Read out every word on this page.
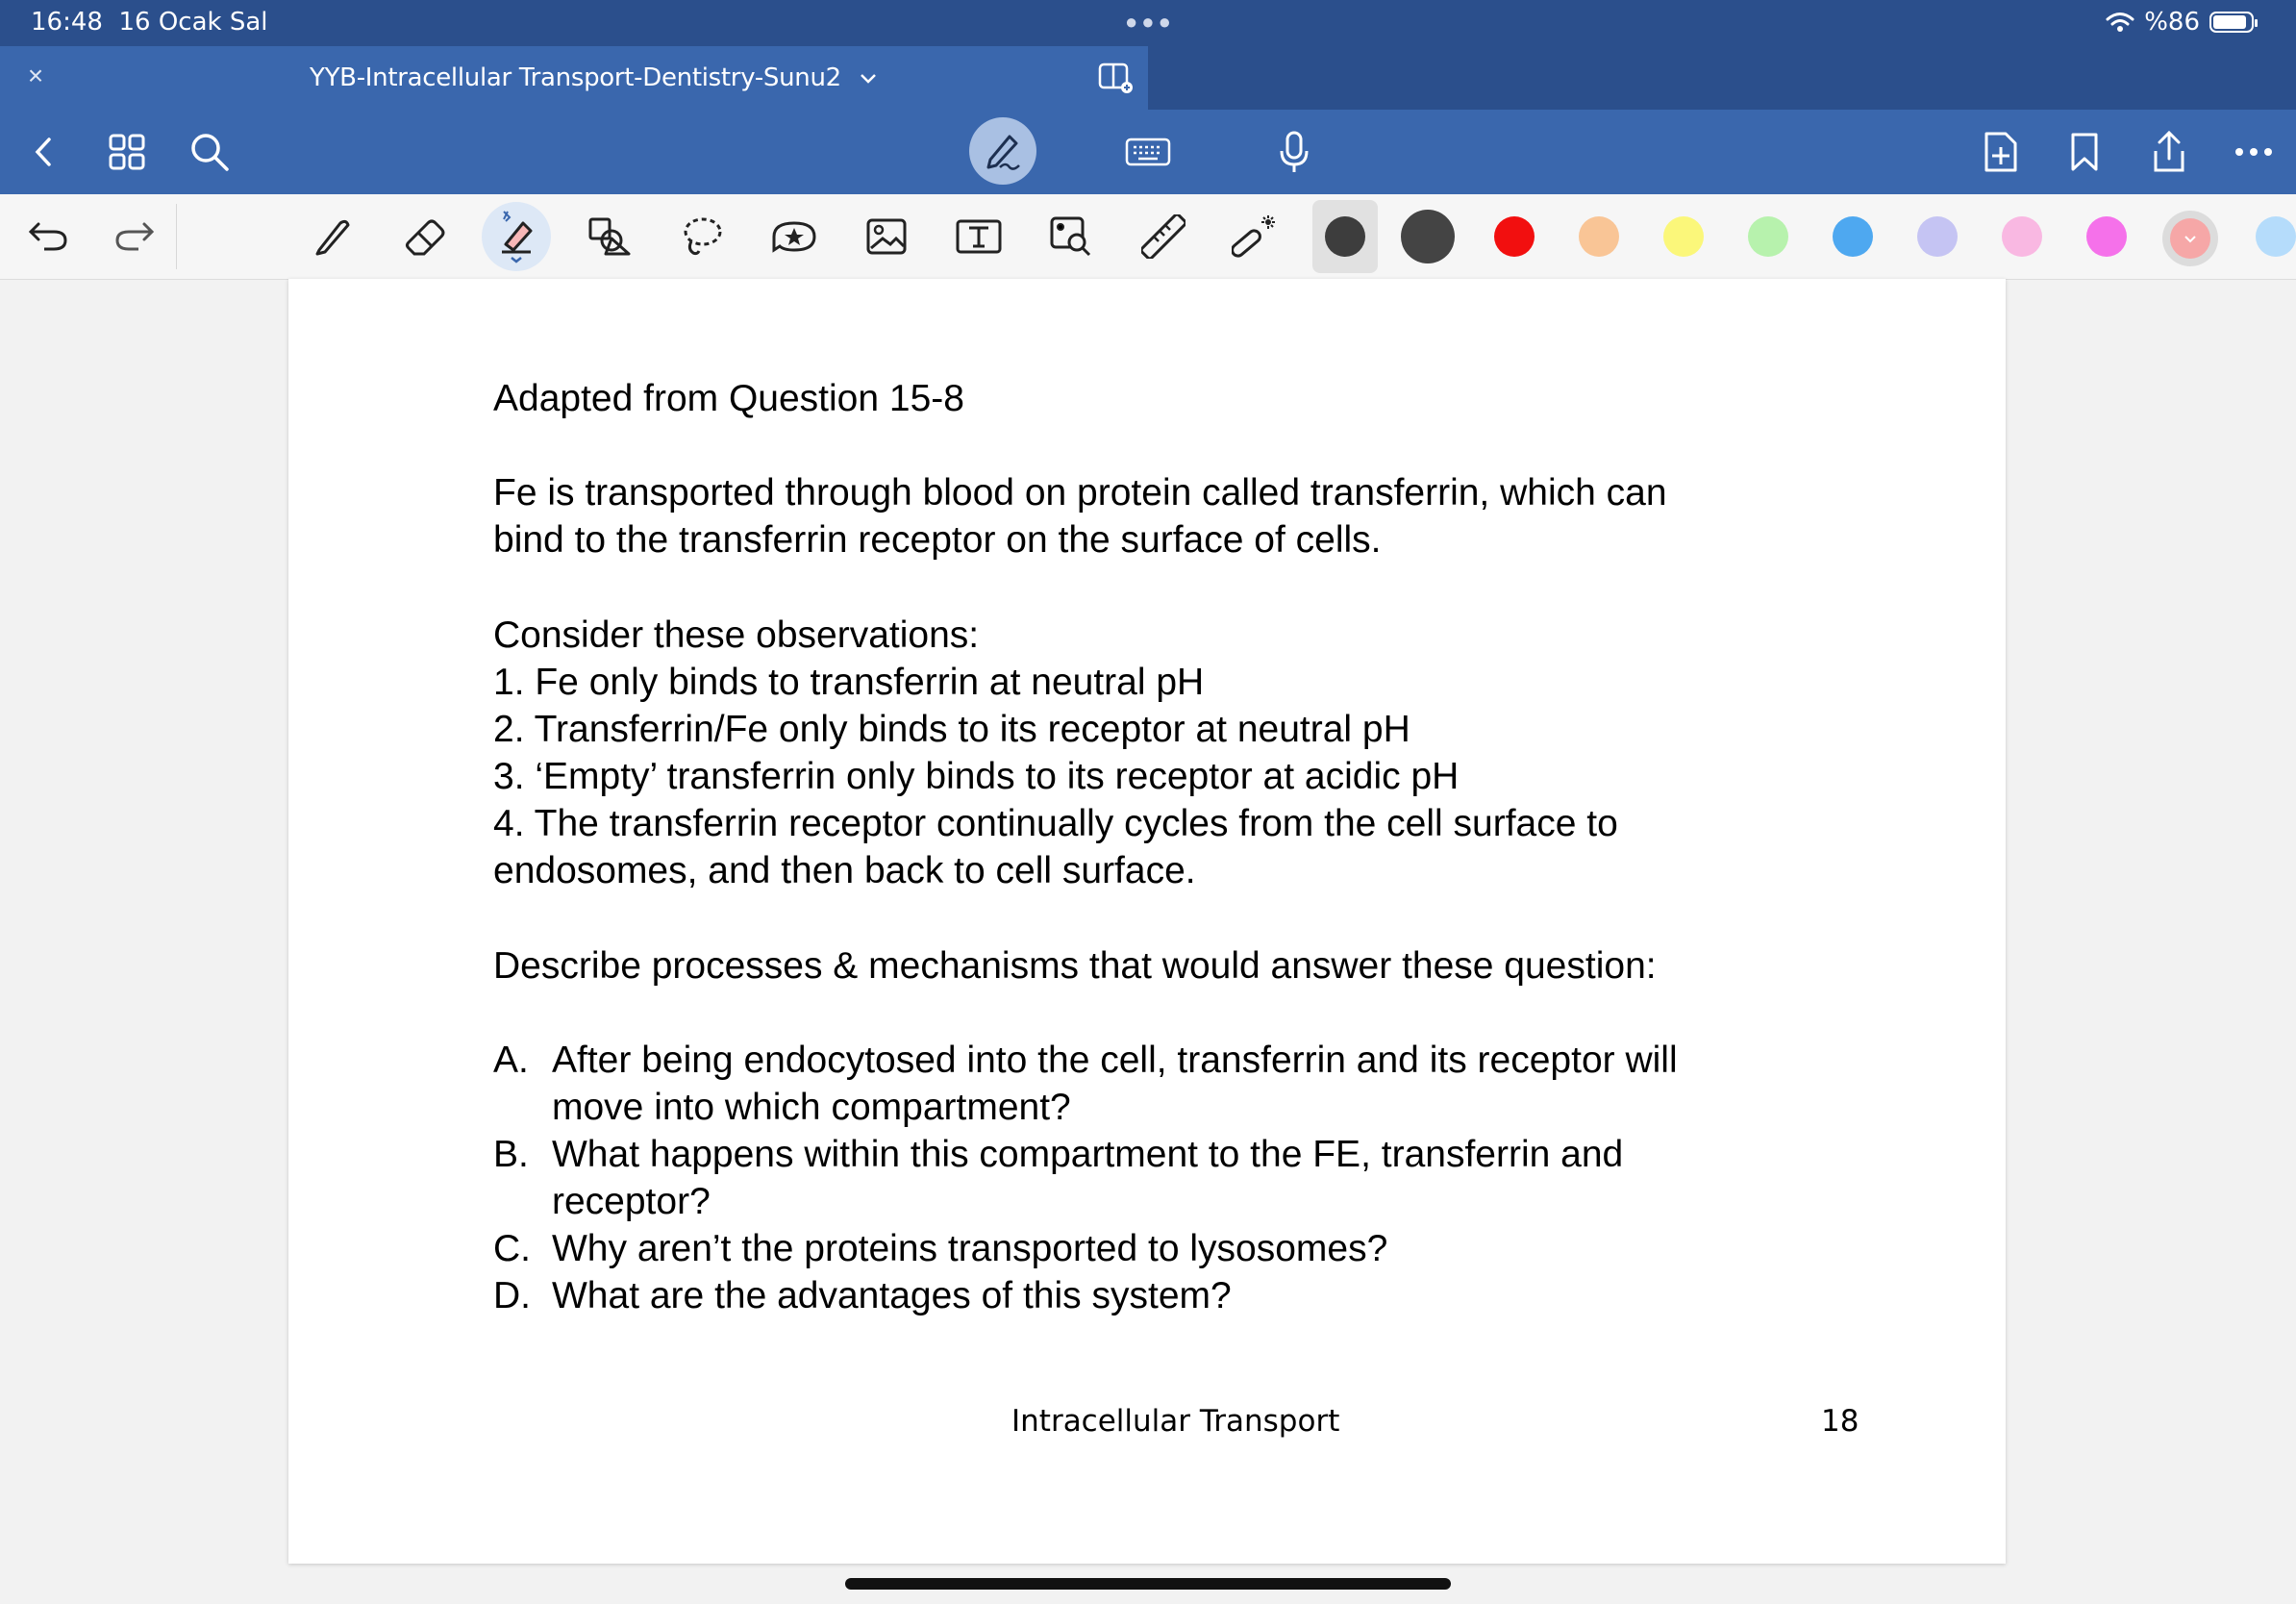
16:48 16 Ocak Sal	●●●	%86
×	YYB-Intracellular Transport-Dentistry-Sunu2
Adapted from Question 15-8
Fe is transported through blood on protein called transferrin, which can bind to the transferrin receptor on the surface of cells.
Consider these observations:
1. Fe only binds to transferrin at neutral pH
2. Transferrin/Fe only binds to its receptor at neutral pH
3. ‘Empty’ transferrin only binds to its receptor at acidic pH
4. The transferrin receptor continually cycles from the cell surface to endosomes, and then back to cell surface.
Describe processes & mechanisms that would answer these question:
A. After being endocytosed into the cell, transferrin and its receptor will move into which compartment?
B. What happens within this compartment to the FE, transferrin and receptor?
C. Why aren’t the proteins transported to lysosomes?
D. What are the advantages of this system?
Intracellular Transport	18
